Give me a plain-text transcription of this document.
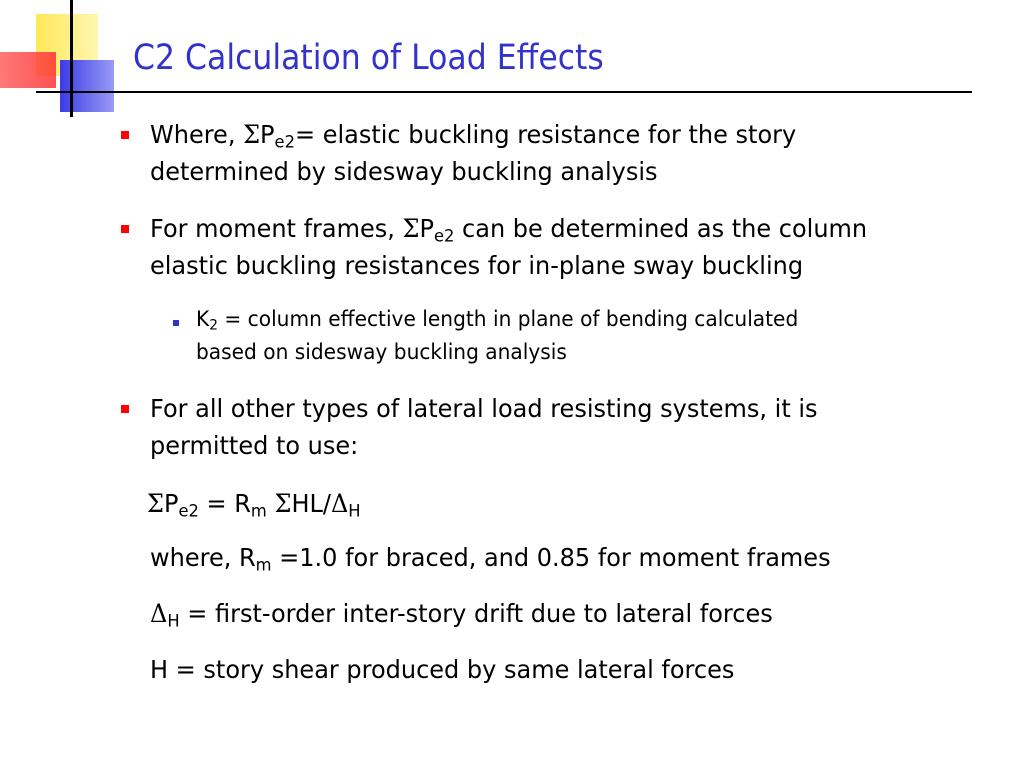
C2 Calculation of Load Effects
Where, $\Sigma P_{e2}=$ elastic buckling resistance for the story
determined by sidesway buckling analysis
For moment frames, $\Sigma P_{e2}$ can be determined as the column
elastic buckling resistances for in-plane sway buckling
$K_2$ = column effective length in plane of bending calculated
based on sidesway buckling analysis
For all other types of lateral load resisting systems, it is
permitted to use:
$\Sigma P_{e2} = R_m$ ΣHL/$\Delta_H$
where, $R_m =1.0$ for braced, and 0.85 for moment frames
$\Delta_H$ = first-order inter-story drift due to lateral forces
H = story shear produced by same lateral forces
